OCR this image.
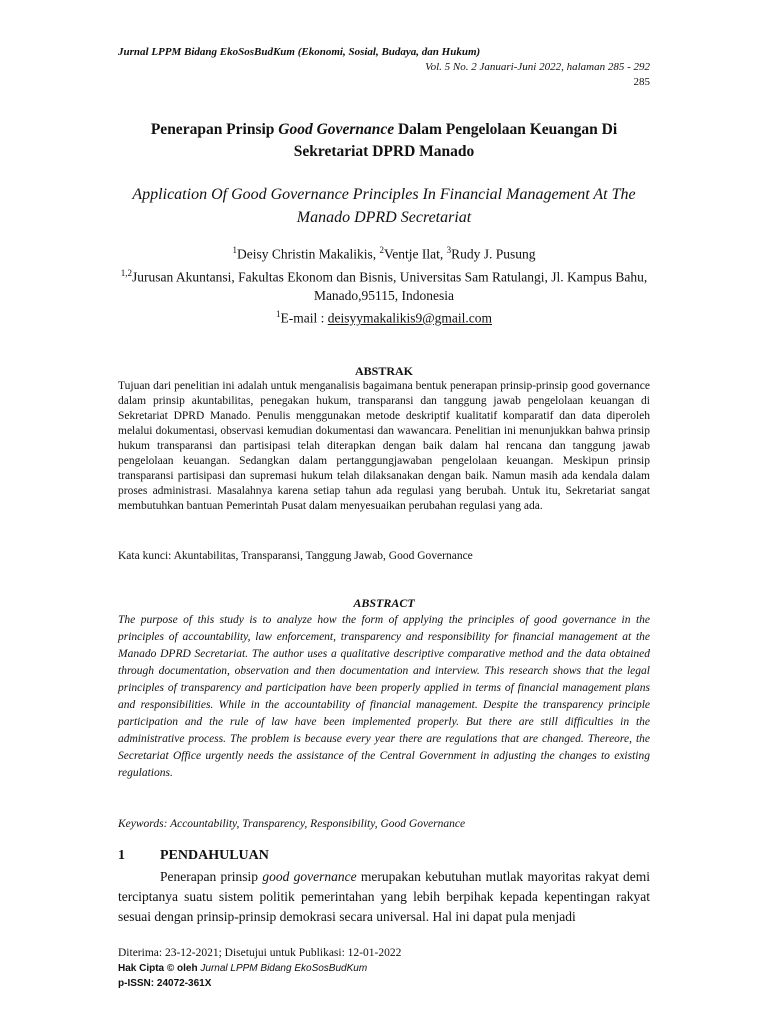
Jurnal LPPM Bidang EkoSosBudKum (Ekonomi, Sosial, Budaya, dan Hukum)
Vol. 5 No. 2 Januari-Juni 2022, halaman 285 - 292
285
Penerapan Prinsip Good Governance Dalam Pengelolaan Keuangan Di Sekretariat DPRD Manado
Application Of Good Governance Principles In Financial Management At The Manado DPRD Secretariat
$^1$Deisy Christin Makalikis, $^2$Ventje Ilat, $^3$Rudy J. Pusung
$^{1,2}$Jurusan Akuntansi, Fakultas Ekonom dan Bisnis, Universitas Sam Ratulangi, Jl. Kampus Bahu, Manado,95115, Indonesia
$^1$E-mail : deisyymakalikis9@gmail.com
ABSTRAK
Tujuan dari penelitian ini adalah untuk menganalisis bagaimana bentuk penerapan prinsip-prinsip good governance dalam prinsip akuntabilitas, penegakan hukum, transparansi dan tanggung jawab pengelolaan keuangan di Sekretariat DPRD Manado. Penulis menggunakan metode deskriptif kualitatif komparatif dan data diperoleh melalui dokumentasi, observasi kemudian dokumentasi dan wawancara. Penelitian ini menunjukkan bahwa prinsip hukum transparansi dan partisipasi telah diterapkan dengan baik dalam hal rencana dan tanggung jawab pengelolaan keuangan. Sedangkan dalam pertanggungjawaban pengelolaan keuangan. Meskipun prinsip transparansi partisipasi dan supremasi hukum telah dilaksanakan dengan baik. Namun masih ada kendala dalam proses administrasi. Masalahnya karena setiap tahun ada regulasi yang berubah. Untuk itu, Sekretariat sangat membutuhkan bantuan Pemerintah Pusat dalam menyesuaikan perubahan regulasi yang ada.
Kata kunci: Akuntabilitas, Transparansi, Tanggung Jawab, Good Governance
ABSTRACT
The purpose of this study is to analyze how the form of applying the principles of good governance in the principles of accountability, law enforcement, transparency and responsibility for financial management at the Manado DPRD Secretariat. The author uses a qualitative descriptive comparative method and the data obtained through documentation, observation and then documentation and interview. This research shows that the legal principles of transparency and participation have been properly applied in terms of financial management plans and responsibilities. While in the accountability of financial management. Despite the transparency principle participation and the rule of law have been implemented properly. But there are still difficulties in the administrative process. The problem is because every year there are regulations that are changed. Thereore, the Secretariat Office urgently needs the assistance of the Central Government in adjusting the changes to existing regulations.
Keywords: Accountability, Transparency, Responsibility, Good Governance
1	PENDAHULUAN
Penerapan prinsip good governance merupakan kebutuhan mutlak mayoritas rakyat demi terciptanya suatu sistem politik pemerintahan yang lebih berpihak kepada kepentingan rakyat sesuai dengan prinsip-prinsip demokrasi secara universal. Hal ini dapat pula menjadi
Diterima: 23-12-2021; Disetujui untuk Publikasi: 12-01-2022
Hak Cipta © oleh Jurnal LPPM Bidang EkoSosBudKum
p-ISSN: 24072-361X
